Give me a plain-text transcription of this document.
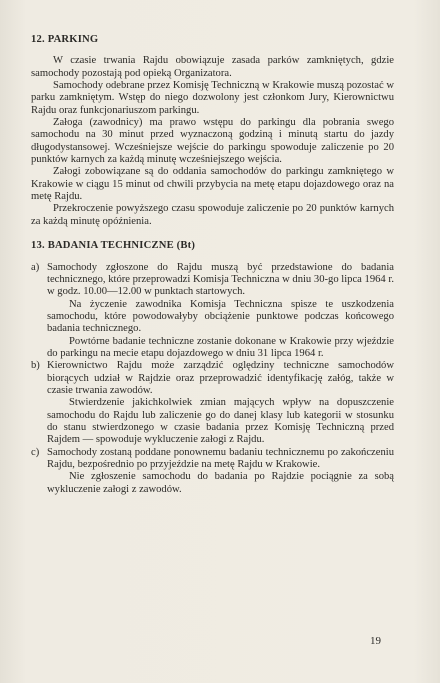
12. PARKING

W czasie trwania Rajdu obowiązuje zasada parków zamkniętych, gdzie samochody pozostają pod opieką Organizatora.

Samochody odebrane przez Komisję Techniczną w Krakowie muszą pozostać w parku zamkniętym. Wstęp do niego dozwolony jest członkom Jury, Kierownictwu Rajdu oraz funkcjonariuszom parkingu.

Załoga (zawodnicy) ma prawo wstępu do parkingu dla pobrania swego samochodu na 30 minut przed wyznaczoną godziną i minutą startu do jazdy długodystansowej. Wcześniejsze wejście do parkingu spowoduje zaliczenie po 20 punktów karnych za każdą minutę wcześniejszego wejścia.

Załogi zobowiązane są do oddania samochodów do parkingu zamkniętego w Krakowie w ciągu 15 minut od chwili przybycia na metę etapu dojazdowego oraz na metę Rajdu.

Przekroczenie powyższego czasu spowoduje zaliczenie po 20 punktów karnych za każdą minutę opóźnienia.

13. BADANIA TECHNICZNE (Bt)
a) Samochody zgłoszone do Rajdu muszą być przedstawione do badania technicznego, które przeprowadzi Komisja Techniczna w dniu 30-go lipca 1964 r. w godz. 10.00—12.00 w punktach startowych.

Na życzenie zawodnika Komisja Techniczna spisze te uszkodzenia samochodu, które powodowałyby obciążenie punktowe podczas końcowego badania technicznego.

Powtórne badanie techniczne zostanie dokonane w Krakowie przy wjeździe do parkingu na mecie etapu dojazdowego w dniu 31 lipca 1964 r.

b) Kierownictwo Rajdu może zarządzić oględziny techniczne samochodów biorących udział w Rajdzie oraz przeprowadzić identyfikację załóg, także w czasie trwania zawodów.

Stwierdzenie jakichkolwiek zmian mających wpływ na dopuszczenie samochodu do Rajdu lub zaliczenie go do danej klasy lub kategorii w stosunku do stanu stwierdzonego w czasie badania przez Komisję Techniczną przed Rajdem — spowoduje wykluczenie załogi z Rajdu.

c) Samochody zostaną poddane ponownemu badaniu technicznemu po zakończeniu Rajdu, bezpośrednio po przyjeździe na metę Rajdu w Krakowie.

Nie zgłoszenie samochodu do badania po Rajdzie pociągnie za sobą wykluczenie załogi z zawodów.

19
